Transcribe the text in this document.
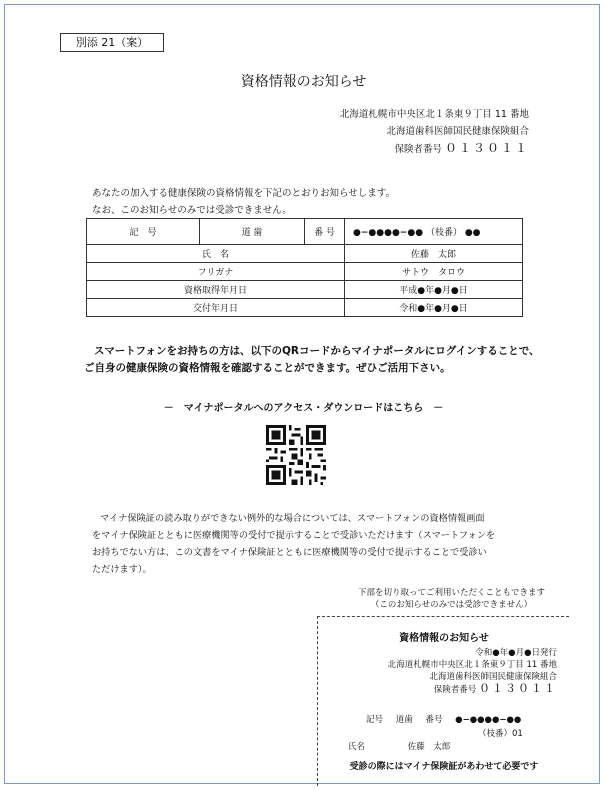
別添 21（案）
資格情報のお知らせ
北海道札幌市中央区北１条東９丁目 11 番地
北海道歯科医師国民健康保険組合
保険者番号 ０１３０１１
あなたの加入する健康保険の資格情報を下記のとおりお知らせします。
なお、このお知らせのみでは受診できません。
記　号	道 歯	番 号	●−●●●●−●● （枝番） ●●
氏　名			佐藤　太郎
フリガナ			サトウ　タロウ
資格取得年月日			平成●年●月●日
交付年月日			令和●年●月●日
スマートフォンをお持ちの方は、以下のQRコードからマイナポータルにログインすることで、
ご自身の健康保険の資格情報を確認することができます。ぜひご活用下さい。
－　マイナポータルへのアクセス・ダウンロードはこちら　－
マイナ保険証の読み取りができない例外的な場合については、スマートフォンの資格情報画面
をマイナ保険証とともに医療機関等の受付で提示することで受診いただけます（スマートフォンを
お持ちでない方は、この文書をマイナ保険証とともに医療機関等の受付で提示することで受診い
ただけます）。
下部を切り取ってご利用いただくこともできます
（このお知らせのみでは受診できません）
資格情報のお知らせ
令和●年●月●日発行
北海道札幌市中央区北１条東９丁目 11 番地
北海道歯科医師国民健康保険組合
保険者番号 ０１３０１１
記号 道歯 番号 ●−●●●●−●●
（枝番）01
氏名	佐藤　太郎
受診の際にはマイナ保険証があわせて必要です
